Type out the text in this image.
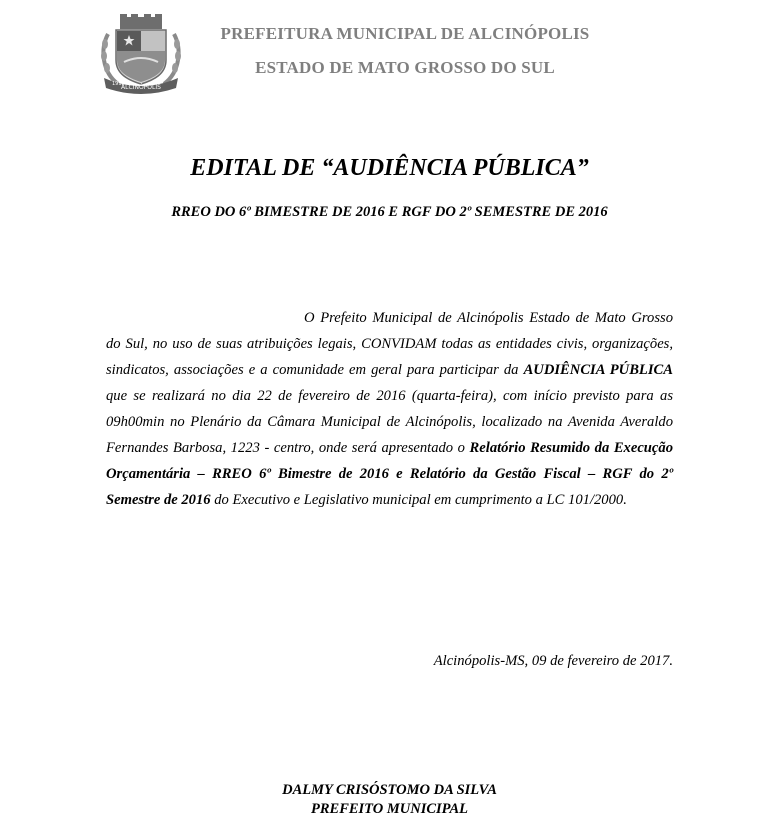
ALCINÓPOLIS
1992
PREFEITURA MUNICIPAL DE ALCINÓPOLIS
ESTADO DE MATO GROSSO DO SUL
EDITAL DE “AUDIÊNCIA PÚBLICA”
RREO DO 6º BIMESTRE DE 2016 E RGF DO 2º SEMESTRE DE 2016

O Prefeito Municipal de Alcinópolis Estado de Mato Grosso do Sul, no uso de suas atribuições legais, CONVIDAM todas as entidades civis, organizações, sindicatos, associações e a comunidade em geral para participar da AUDIÊNCIA PÚBLICA que se realizará no dia 22 de fevereiro de 2016 (quarta-feira), com início previsto para as 09h00min no Plenário da Câmara Municipal de Alcinópolis, localizado na Avenida Averaldo Fernandes Barbosa, 1223 - centro, onde será apresentado o Relatório Resumido da Execução Orçamentária – RREO 6º Bimestre de 2016 e Relatório da Gestão Fiscal – RGF do 2º Semestre de 2016 do Executivo e Legislativo municipal em cumprimento a LC 101/2000.

Alcinópolis-MS, 09 de fevereiro de 2017.
DALMY CRISÓSTOMO DA SILVA
PREFEITO MUNICIPAL
